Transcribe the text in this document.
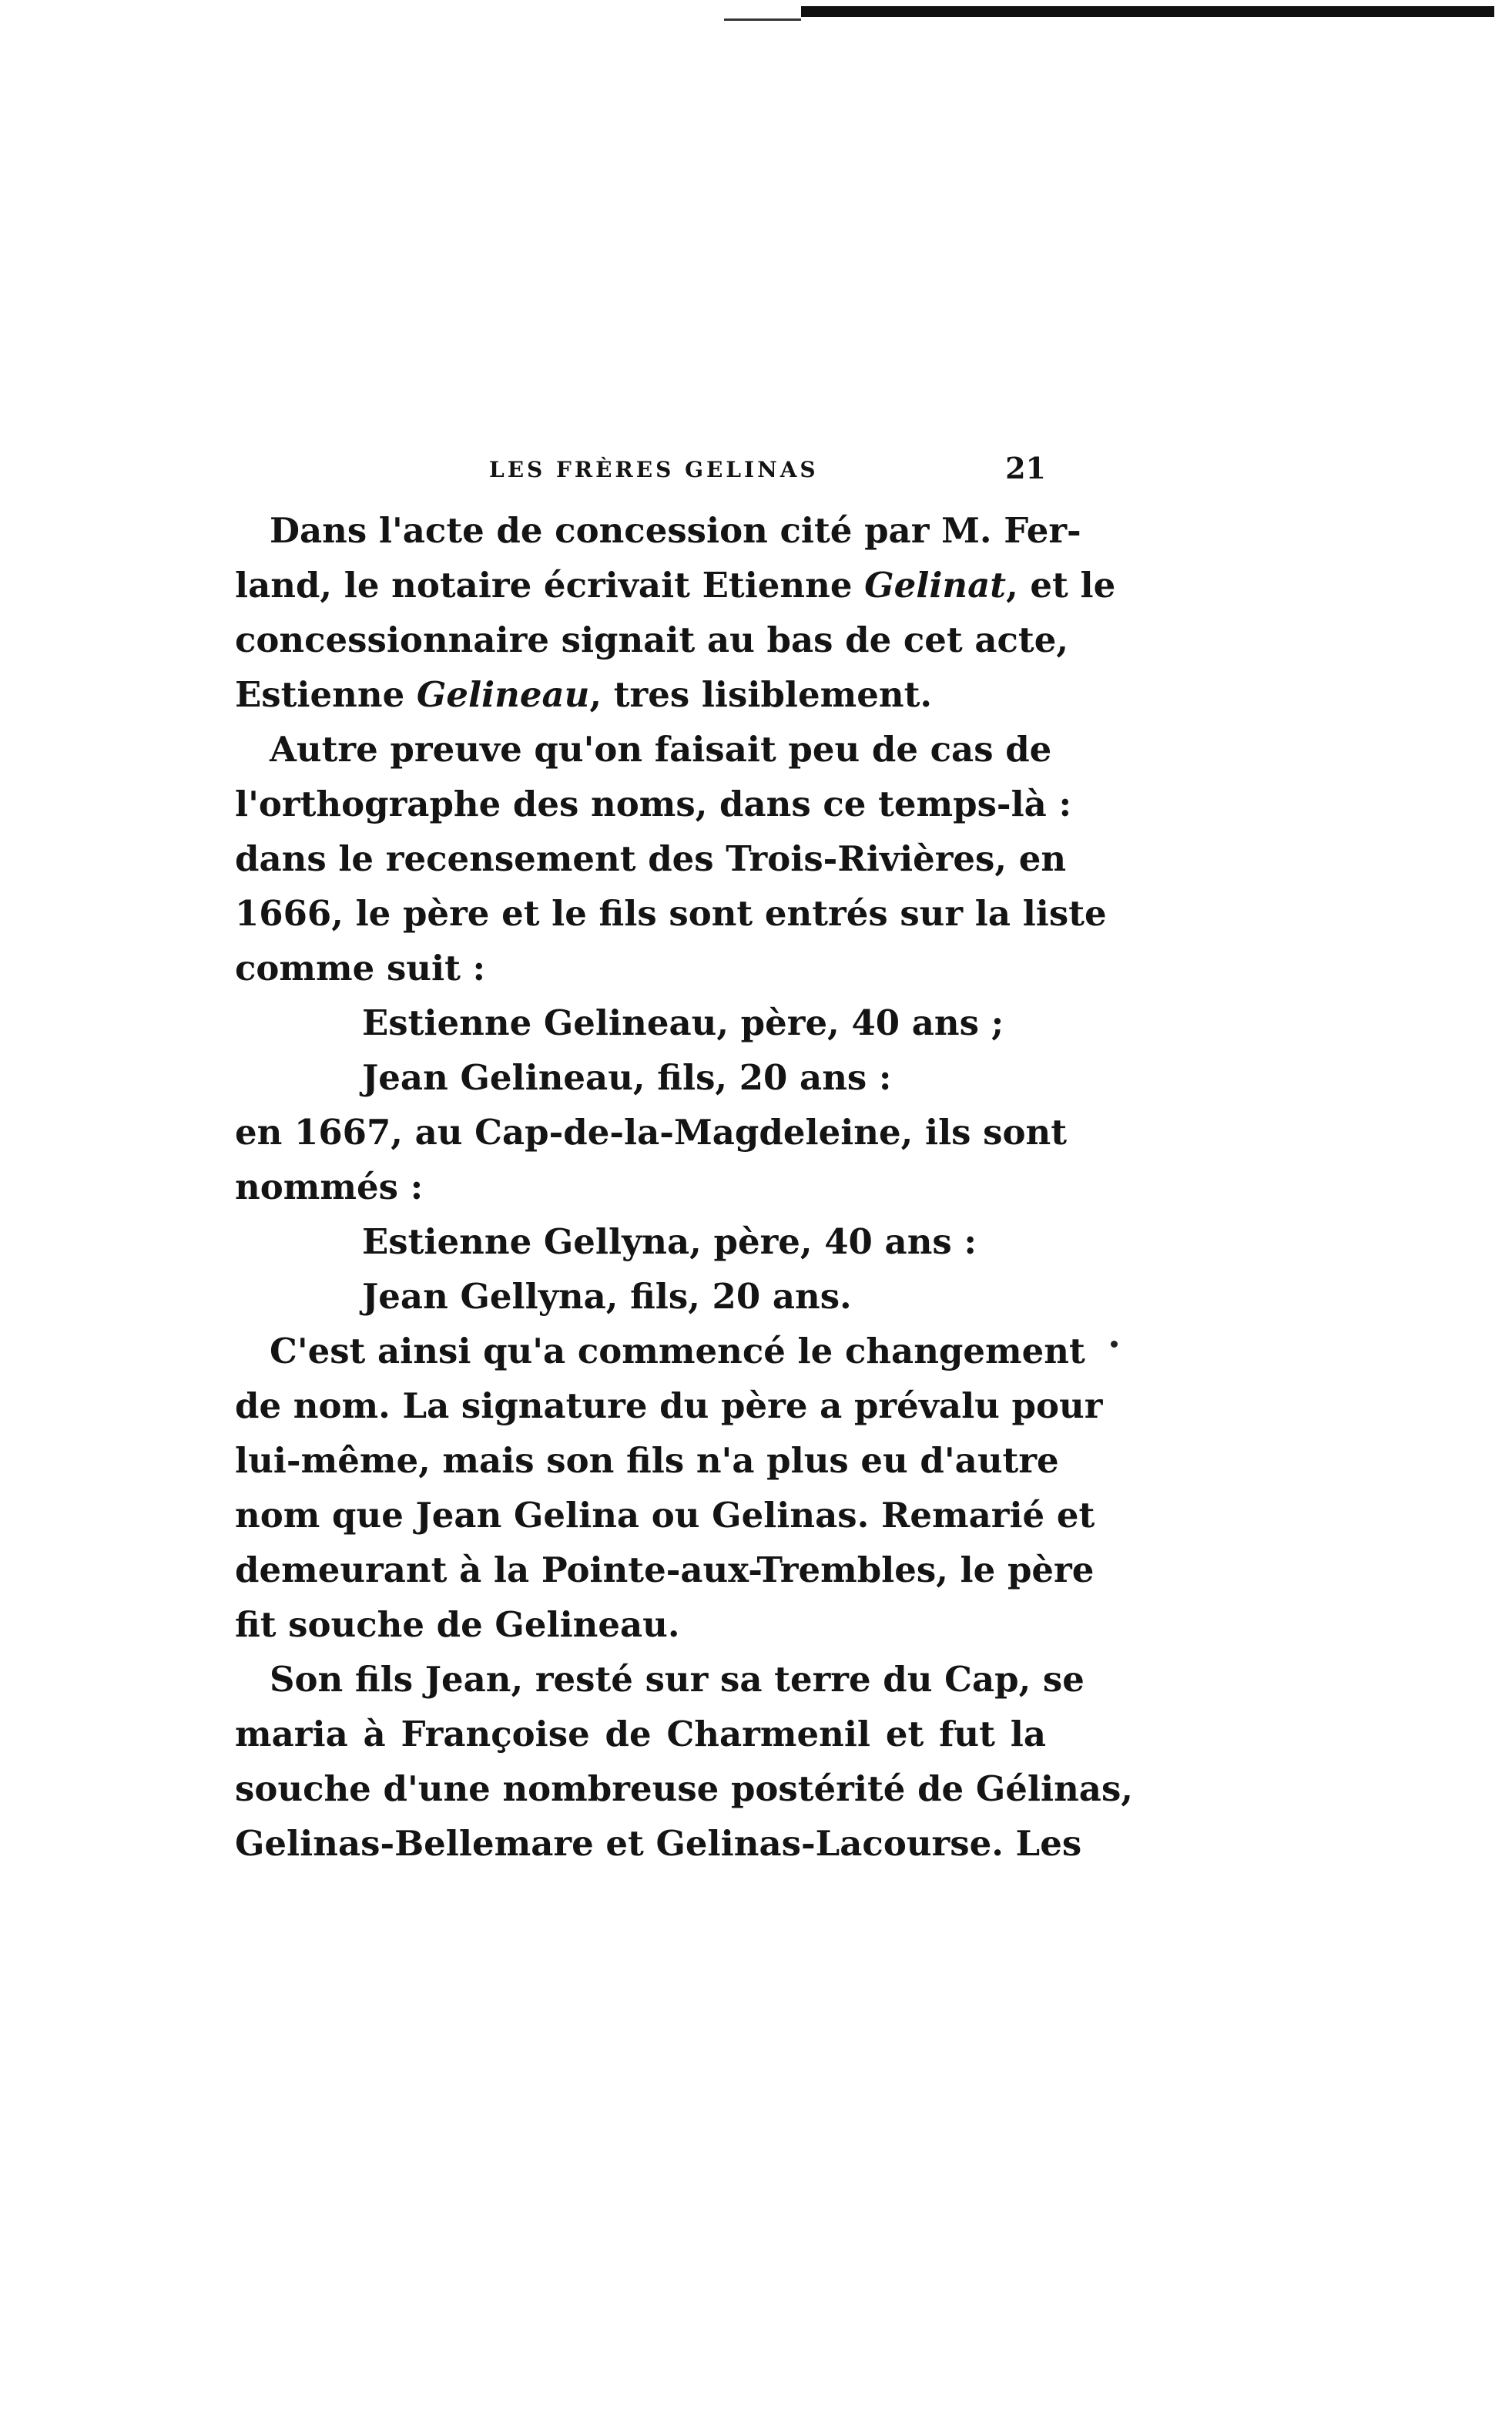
LES FRÈRES GELINAS	21
Dans l'acte de concession cité par M. Fer-
land, le notaire écrivait Etienne Gelinat, et le
concessionnaire signait au bas de cet acte,
Estienne Gelineau, tres lisiblement.
Autre preuve qu'on faisait peu de cas de
l'orthographe des noms, dans ce temps-là :
dans le recensement des Trois-Rivières, en
1666, le père et le fils sont entrés sur la liste
comme suit :
Estienne Gelineau, père, 40 ans ;
Jean Gelineau, fils, 20 ans :
en 1667, au Cap-de-la-Magdeleine, ils sont
nommés :
Estienne Gellyna, père, 40 ans :
Jean Gellyna, fils, 20 ans.
C'est ainsi qu'a commencé le changement
de nom. La signature du père a prévalu pour
lui-même, mais son fils n'a plus eu d'autre
nom que Jean Gelina ou Gelinas. Remarié et
demeurant à la Pointe-aux-Trembles, le père
fit souche de Gelineau.
Son fils Jean, resté sur sa terre du Cap, se
maria à Françoise de Charmenil et fut la
souche d'une nombreuse postérité de Gélinas,
Gelinas-Bellemare et Gelinas-Lacourse. Les
